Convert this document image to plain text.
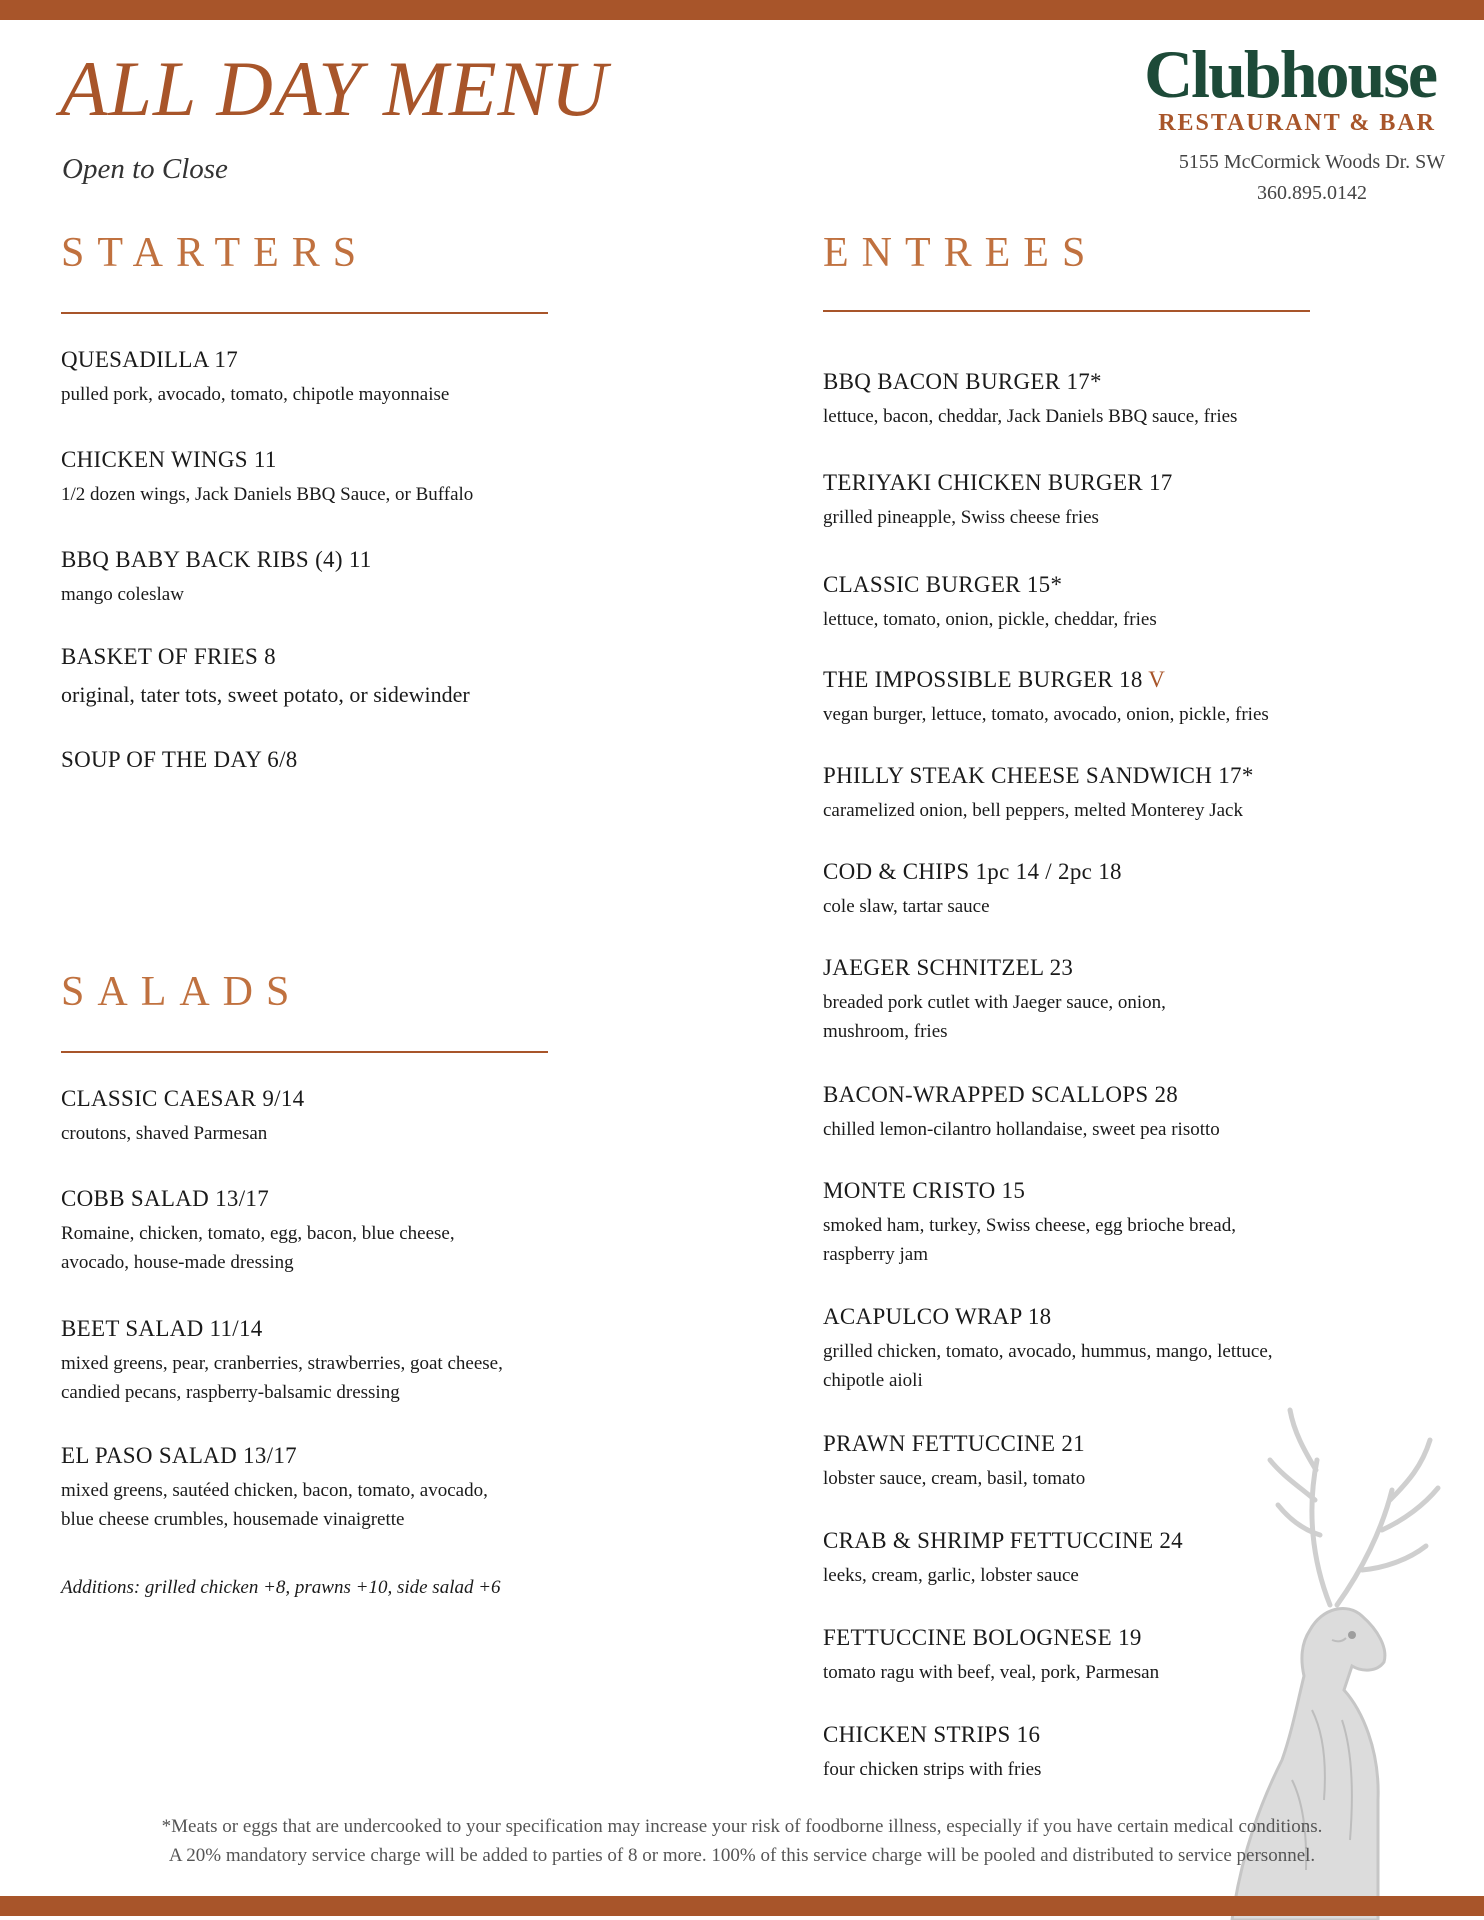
ALL DAY MENU
Open to Close
Clubhouse
RESTAURANT & BAR
5155 McCormick Woods Dr. SW
360.895.0142
STARTERS
QUESADILLA 17
pulled pork, avocado, tomato, chipotle mayonnaise
CHICKEN WINGS 11
1/2 dozen wings, Jack Daniels BBQ Sauce, or Buffalo
BBQ BABY BACK RIBS (4) 11
mango coleslaw
BASKET OF FRIES 8
original, tater tots, sweet potato, or sidewinder
SOUP OF THE DAY 6/8
SALADS
CLASSIC CAESAR 9/14
croutons, shaved Parmesan
COBB SALAD 13/17
Romaine, chicken, tomato, egg, bacon, blue cheese,
avocado, house-made dressing
BEET SALAD 11/14
mixed greens, pear, cranberries, strawberries, goat cheese,
candied pecans, raspberry-balsamic dressing
EL PASO SALAD 13/17
mixed greens, sautéed chicken, bacon, tomato, avocado,
blue cheese crumbles, housemade vinaigrette
Additions: grilled chicken +8, prawns +10, side salad +6
ENTREES
BBQ BACON BURGER 17*
lettuce, bacon, cheddar, Jack Daniels BBQ sauce, fries
TERIYAKI CHICKEN BURGER 17
grilled pineapple, Swiss cheese fries
CLASSIC BURGER 15*
lettuce, tomato, onion, pickle, cheddar, fries
THE IMPOSSIBLE BURGER 18 V
vegan burger, lettuce, tomato, avocado, onion, pickle, fries
PHILLY STEAK CHEESE SANDWICH 17*
caramelized onion, bell peppers, melted Monterey Jack
COD & CHIPS 1pc 14 / 2pc 18
cole slaw, tartar sauce
JAEGER SCHNITZEL 23
breaded pork cutlet with Jaeger sauce, onion,
mushroom, fries
BACON-WRAPPED SCALLOPS 28
chilled lemon-cilantro hollandaise, sweet pea risotto
MONTE CRISTO 15
smoked ham, turkey, Swiss cheese, egg brioche bread,
raspberry jam
ACAPULCO WRAP 18
grilled chicken, tomato, avocado, hummus, mango, lettuce,
chipotle aioli
PRAWN FETTUCCINE 21
lobster sauce, cream, basil, tomato
CRAB & SHRIMP FETTUCCINE 24
leeks, cream, garlic, lobster sauce
FETTUCCINE BOLOGNESE 19
tomato ragu with beef, veal, pork, Parmesan
CHICKEN STRIPS 16
four chicken strips with fries
*Meats or eggs that are undercooked to your specification may increase your risk of foodborne illness, especially if you have certain medical conditions.
A 20% mandatory service charge will be added to parties of 8 or more. 100% of this service charge will be pooled and distributed to service personnel.
